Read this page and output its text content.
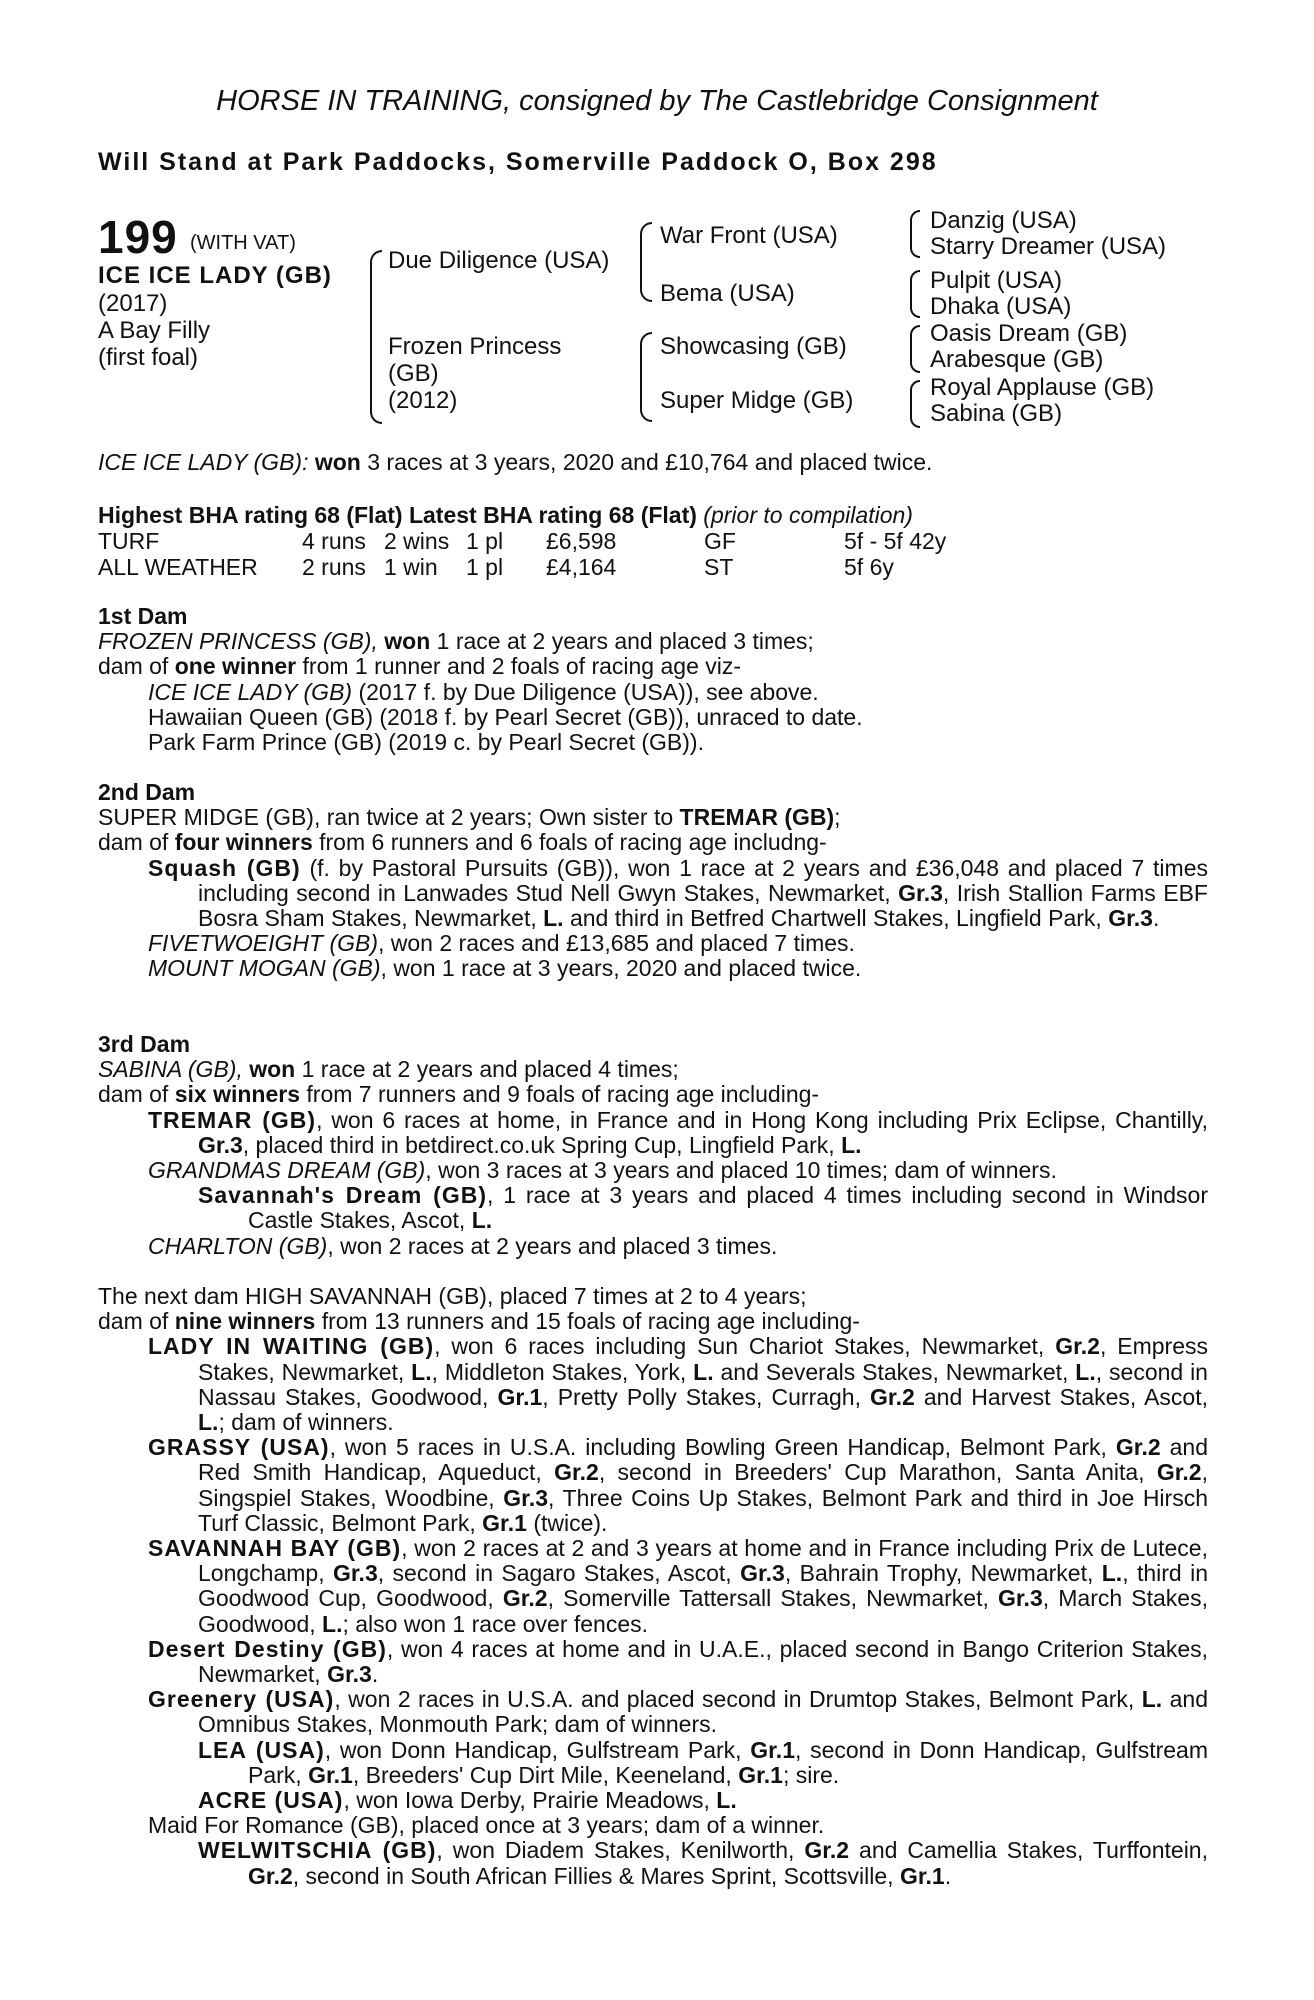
HORSE IN TRAINING, consigned by The Castlebridge Consignment
Will Stand at Park Paddocks, Somerville Paddock O, Box 298
199 (WITH VAT)
ICE ICE LADY (GB)
(2017)
A Bay Filly
(first foal)
Due Diligence (USA)
Frozen Princess
(GB)
(2012)
War Front (USA)
Bema (USA)
Showcasing (GB)
Super Midge (GB)
Danzig (USA)
Starry Dreamer (USA)
Pulpit (USA)
Dhaka (USA)
Oasis Dream (GB)
Arabesque (GB)
Royal Applause (GB)
Sabina (GB)
ICE ICE LADY (GB): won 3 races at 3 years, 2020 and £10,764 and placed twice.
Highest BHA rating 68 (Flat) Latest BHA rating 68 (Flat) (prior to compilation)
TURF	4 runs 2 wins 1 pl £6,598	GF	5f - 5f 42y
ALL WEATHER 2 runs 1 win 1 pl £4,164	ST	5f 6y
1st Dam
FROZEN PRINCESS (GB), won 1 race at 2 years and placed 3 times;
dam of one winner from 1 runner and 2 foals of racing age viz-
ICE ICE LADY (GB) (2017 f. by Due Diligence (USA)), see above.
Hawaiian Queen (GB) (2018 f. by Pearl Secret (GB)), unraced to date.
Park Farm Prince (GB) (2019 c. by Pearl Secret (GB)).
2nd Dam
SUPER MIDGE (GB), ran twice at 2 years; Own sister to TREMAR (GB);
dam of four winners from 6 runners and 6 foals of racing age includng-
Squash (GB) (f. by Pastoral Pursuits (GB)), won 1 race at 2 years and £36,048 and placed 7 times including second in Lanwades Stud Nell Gwyn Stakes, Newmarket, Gr.3, Irish Stallion Farms EBF Bosra Sham Stakes, Newmarket, L. and third in Betfred Chartwell Stakes, Lingfield Park, Gr.3.
FIVETWOEIGHT (GB), won 2 races and £13,685 and placed 7 times.
MOUNT MOGAN (GB), won 1 race at 3 years, 2020 and placed twice.
3rd Dam
SABINA (GB), won 1 race at 2 years and placed 4 times;
dam of six winners from 7 runners and 9 foals of racing age including-
TREMAR (GB), won 6 races at home, in France and in Hong Kong including Prix Eclipse, Chantilly, Gr.3, placed third in betdirect.co.uk Spring Cup, Lingfield Park, L.
GRANDMAS DREAM (GB), won 3 races at 3 years and placed 10 times; dam of winners.
Savannah's Dream (GB), 1 race at 3 years and placed 4 times including second in Windsor Castle Stakes, Ascot, L.
CHARLTON (GB), won 2 races at 2 years and placed 3 times.
The next dam HIGH SAVANNAH (GB), placed 7 times at 2 to 4 years;
dam of nine winners from 13 runners and 15 foals of racing age including-
LADY IN WAITING (GB), won 6 races including Sun Chariot Stakes, Newmarket, Gr.2, Empress Stakes, Newmarket, L., Middleton Stakes, York, L. and Severals Stakes, Newmarket, L., second in Nassau Stakes, Goodwood, Gr.1, Pretty Polly Stakes, Curragh, Gr.2 and Harvest Stakes, Ascot, L.; dam of winners.
GRASSY (USA), won 5 races in U.S.A. including Bowling Green Handicap, Belmont Park, Gr.2 and Red Smith Handicap, Aqueduct, Gr.2, second in Breeders' Cup Marathon, Santa Anita, Gr.2, Singspiel Stakes, Woodbine, Gr.3, Three Coins Up Stakes, Belmont Park and third in Joe Hirsch Turf Classic, Belmont Park, Gr.1 (twice).
SAVANNAH BAY (GB), won 2 races at 2 and 3 years at home and in France including Prix de Lutece, Longchamp, Gr.3, second in Sagaro Stakes, Ascot, Gr.3, Bahrain Trophy, Newmarket, L., third in Goodwood Cup, Goodwood, Gr.2, Somerville Tattersall Stakes, Newmarket, Gr.3, March Stakes, Goodwood, L.; also won 1 race over fences.
Desert Destiny (GB), won 4 races at home and in U.A.E., placed second in Bango Criterion Stakes, Newmarket, Gr.3.
Greenery (USA), won 2 races in U.S.A. and placed second in Drumtop Stakes, Belmont Park, L. and Omnibus Stakes, Monmouth Park; dam of winners.
LEA (USA), won Donn Handicap, Gulfstream Park, Gr.1, second in Donn Handicap, Gulfstream Park, Gr.1, Breeders' Cup Dirt Mile, Keeneland, Gr.1; sire.
ACRE (USA), won Iowa Derby, Prairie Meadows, L.
Maid For Romance (GB), placed once at 3 years; dam of a winner.
WELWITSCHIA (GB), won Diadem Stakes, Kenilworth, Gr.2 and Camellia Stakes, Turffontein, Gr.2, second in South African Fillies & Mares Sprint, Scottsville, Gr.1.
